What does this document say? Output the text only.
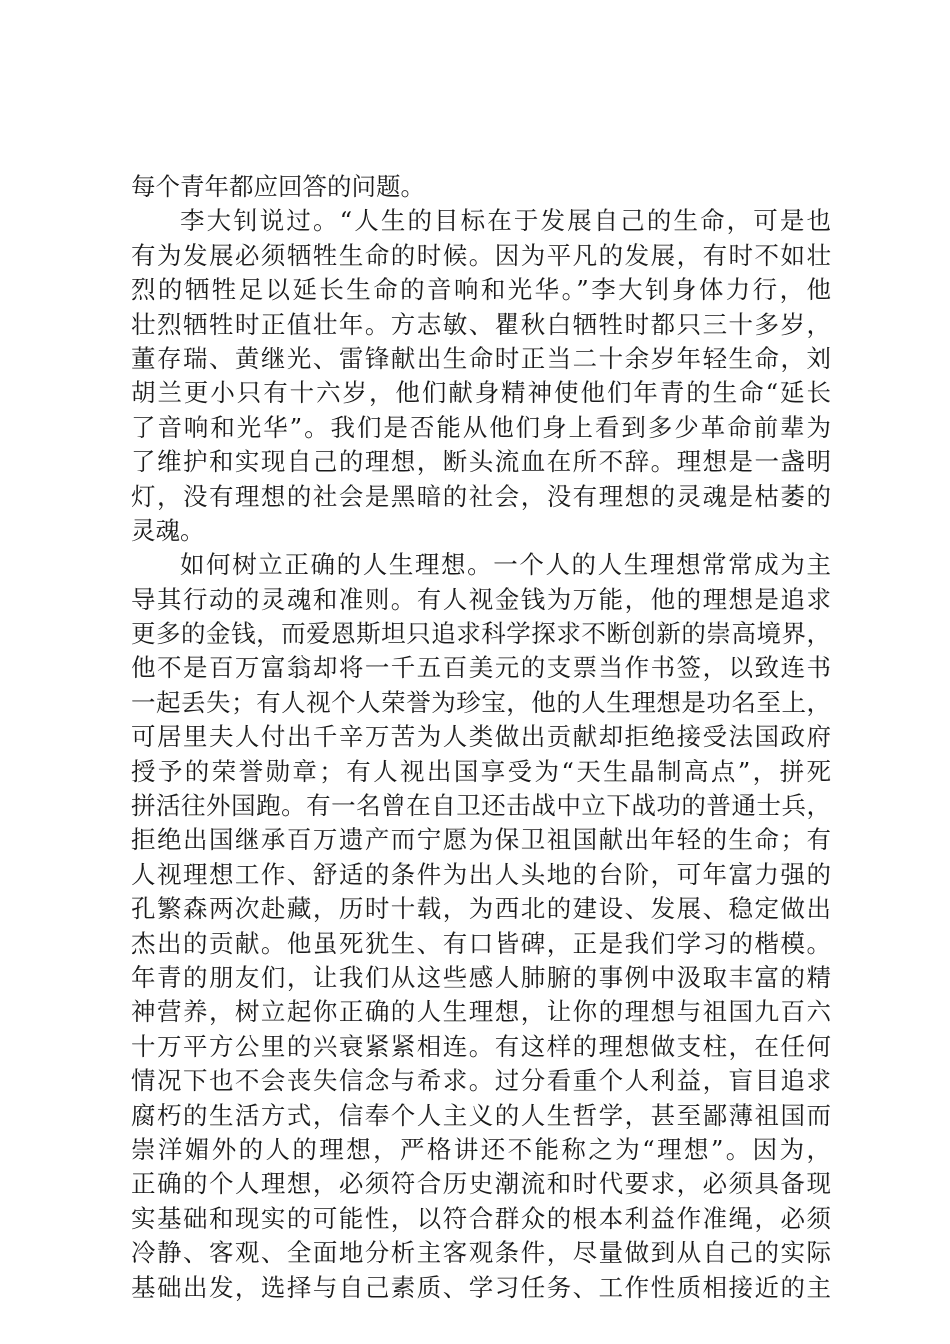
每个青年都应回答的问题。
李大钊说过。“人生的目标在于发展自己的生命，可是也
有为发展必须牺牲生命的时候。因为平凡的发展，有时不如壮
烈的牺牲足以延长生命的音响和光华。”李大钊身体力行，他
壮烈牺牲时正值壮年。方志敏、瞿秋白牺牲时都只三十多岁，
董存瑞、黄继光、雷锋献出生命时正当二十余岁年轻生命，刘
胡兰更小只有十六岁，他们献身精神使他们年青的生命“延长
了音响和光华”。我们是否能从他们身上看到多少革命前辈为
了维护和实现自己的理想，断头流血在所不辞。理想是一盏明
灯，没有理想的社会是黑暗的社会，没有理想的灵魂是枯萎的
灵魂。
如何树立正确的人生理想。一个人的人生理想常常成为主
导其行动的灵魂和准则。有人视金钱为万能，他的理想是追求
更多的金钱，而爱恩斯坦只追求科学探求不断创新的崇高境界，
他不是百万富翁却将一千五百美元的支票当作书签，以致连书
一起丢失；有人视个人荣誉为珍宝，他的人生理想是功名至上，
可居里夫人付出千辛万苦为人类做出贡献却拒绝接受法国政府
授予的荣誉勋章；有人视出国享受为“天生晶制高点”，拼死
拼活往外国跑。有一名曾在自卫还击战中立下战功的普通士兵，
拒绝出国继承百万遗产而宁愿为保卫祖国献出年轻的生命；有
人视理想工作、舒适的条件为出人头地的台阶，可年富力强的
孔繁森两次赴藏，历时十载，为西北的建设、发展、稳定做出
杰出的贡献。他虽死犹生、有口皆碑，正是我们学习的楷模。
年青的朋友们，让我们从这些感人肺腑的事例中汲取丰富的精
神营养，树立起你正确的人生理想，让你的理想与祖国九百六
十万平方公里的兴衰紧紧相连。有这样的理想做支柱，在任何
情况下也不会丧失信念与希求。过分看重个人利益，盲目追求
腐朽的生活方式，信奉个人主义的人生哲学，甚至鄙薄祖国而
崇洋媚外的人的理想，严格讲还不能称之为“理想”。因为，
正确的个人理想，必须符合历史潮流和时代要求，必须具备现
实基础和现实的可能性，以符合群众的根本利益作准绳，必须
冷静、客观、全面地分析主客观条件，尽量做到从自己的实际
基础出发，选择与自己素质、学习任务、工作性质相接近的主
